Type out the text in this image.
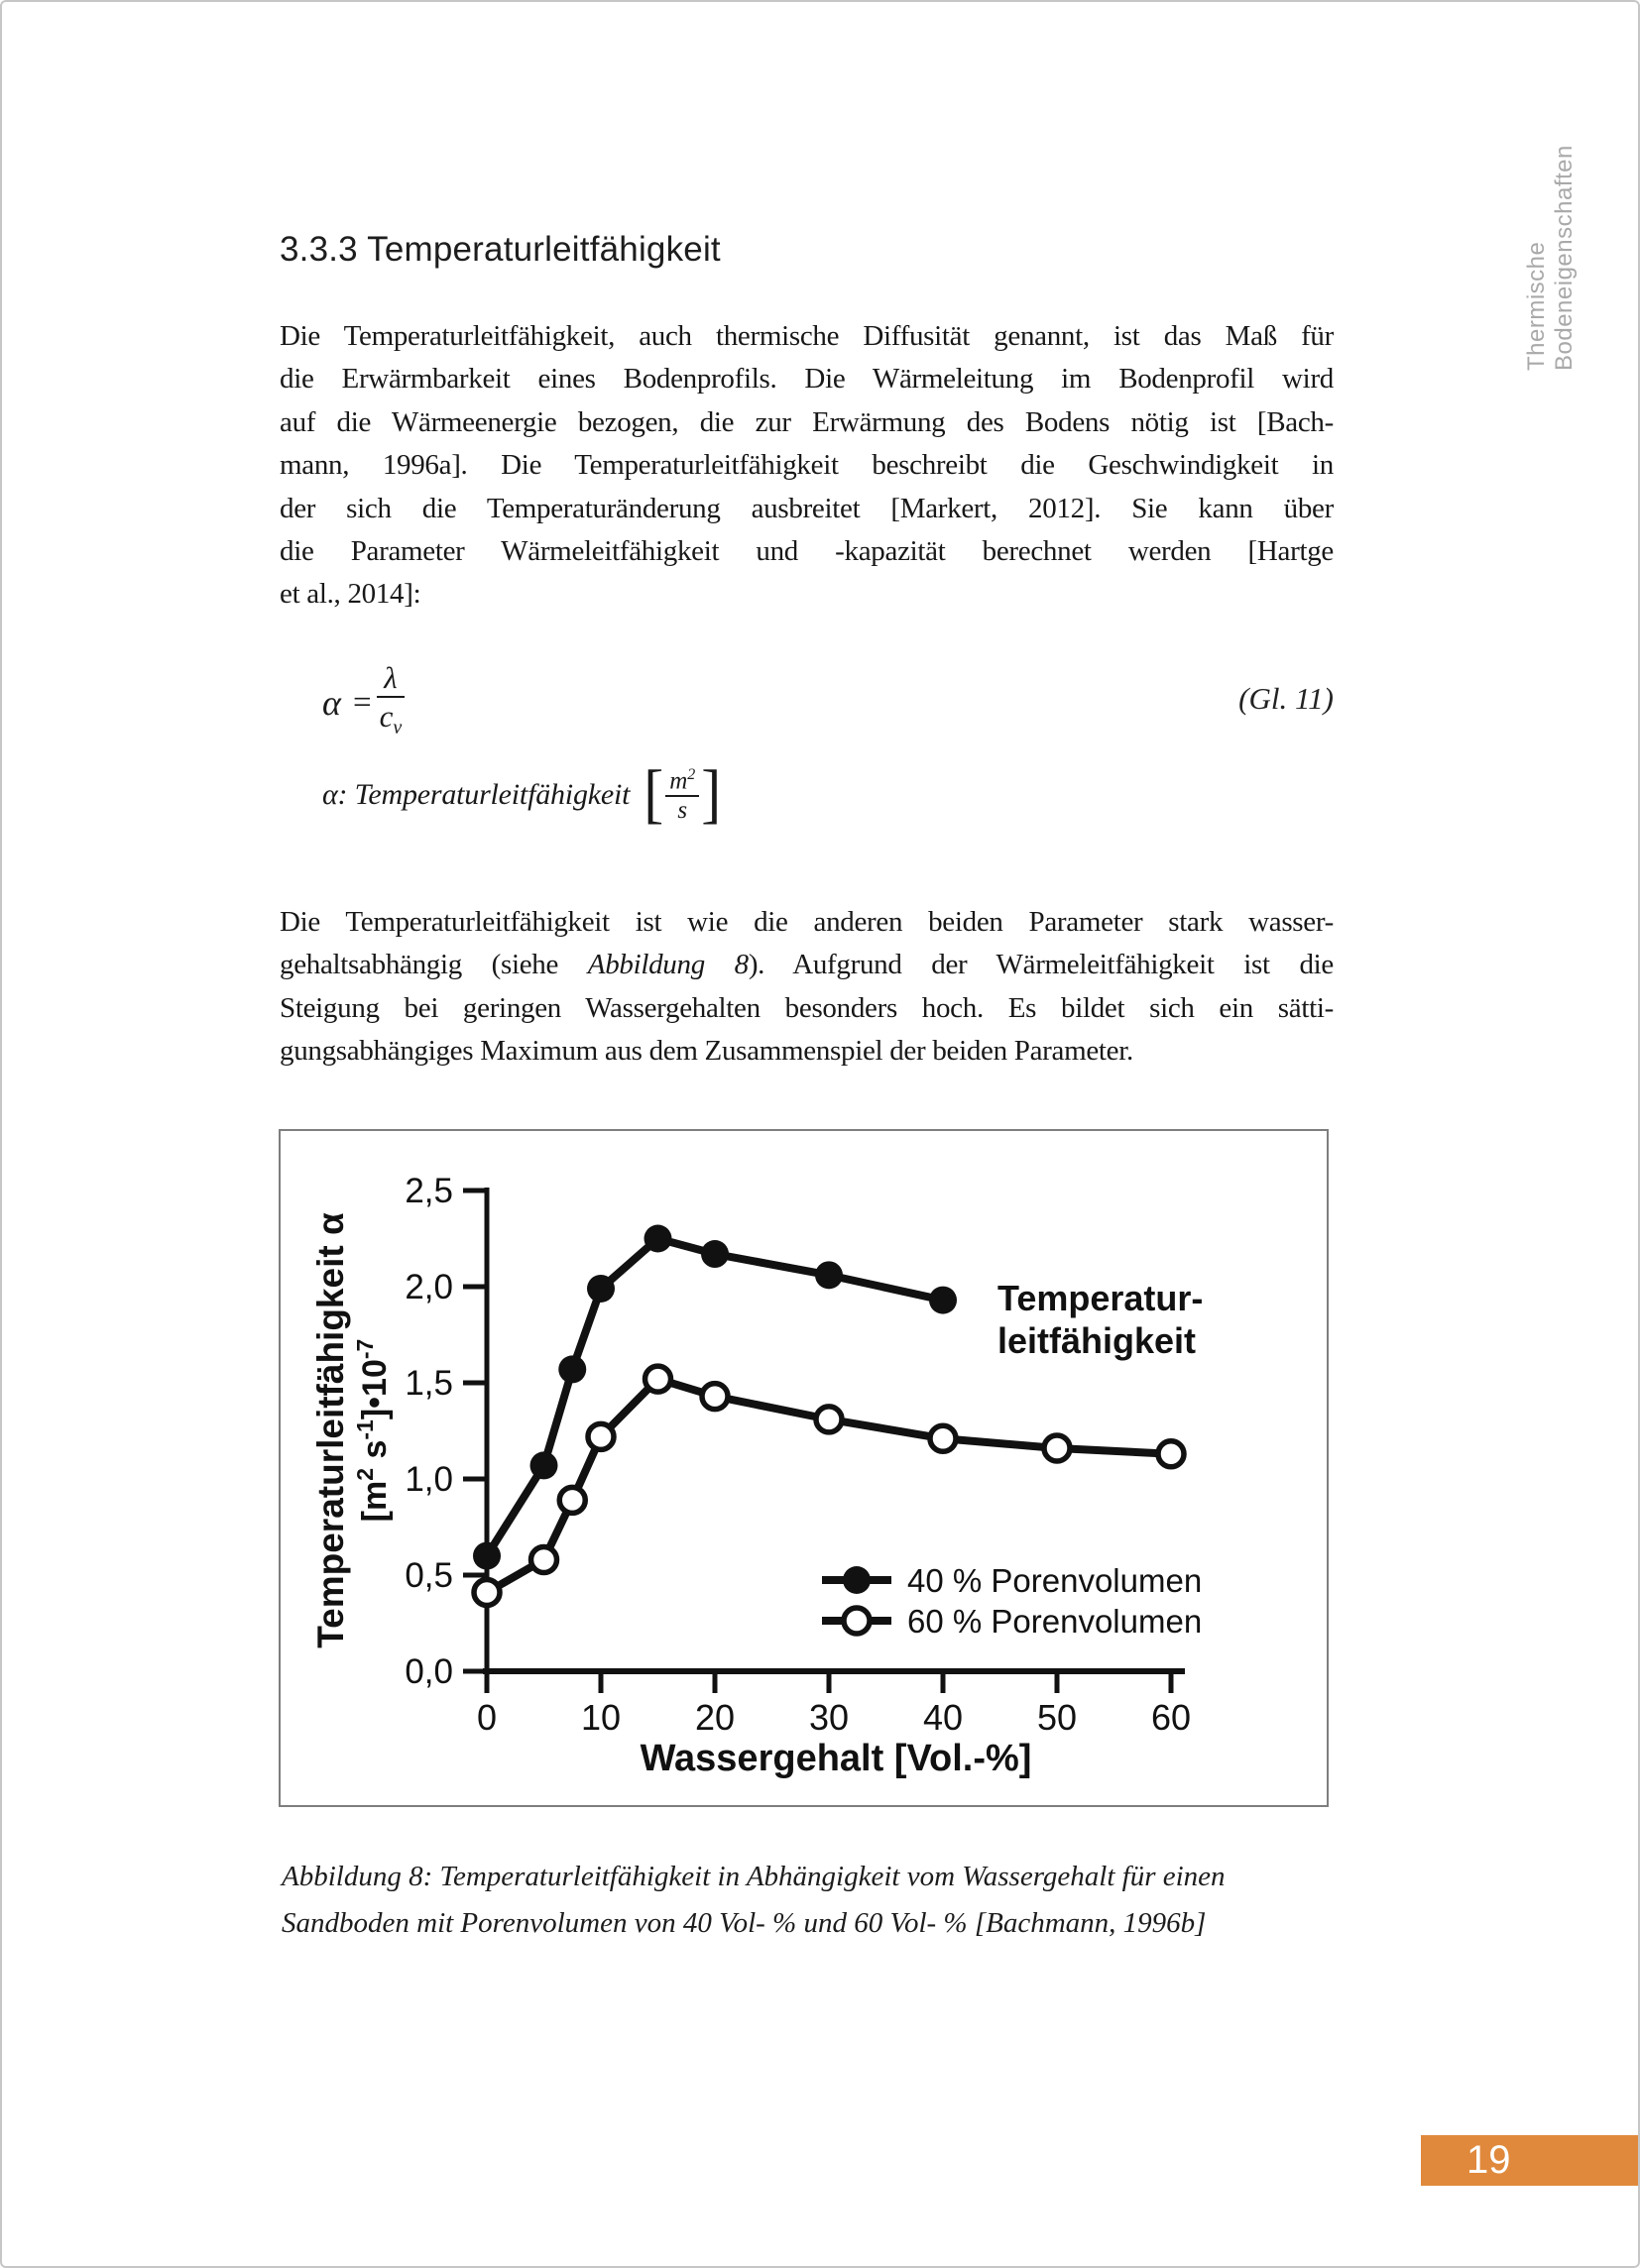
3.3.3 Temperaturleitfähigkeit
Die Temperaturleitfähigkeit, auch thermische Diffusität genannt, ist das Maß für
die Erwärmbarkeit eines Bodenprofils. Die Wärmeleitung im Bodenprofil wird
auf die Wärmeenergie bezogen, die zur Erwärmung des Bodens nötig ist [Bach-
mann, 1996a]. Die Temperaturleitfähigkeit beschreibt die Geschwindigkeit in
der sich die Temperaturänderung ausbreitet [Markert, 2012]. Sie kann über
die Parameter Wärmeleitfähigkeit und -kapazität berechnet werden [Hartge
et al., 2014]:
$\alpha = \frac{\lambda}{c_v}$	(Gl. 11)
α: Temperaturleitfähigkeit [ $\frac{m^2}{s}$ ]
Die Temperaturleitfähigkeit ist wie die anderen beiden Parameter stark wasser-
gehaltsabhängig (siehe Abbildung 8). Aufgrund der Wärmeleitfähigkeit ist die
Steigung bei geringen Wassergehalten besonders hoch. Es bildet sich ein sätti-
gungsabhängiges Maximum aus dem Zusammenspiel der beiden Parameter.
0,0
0,5
1,0
1,5
2,0
2,5
0 10 20 30 40 50 60
Temperatur-
leitfähigkeit
40 % Porenvolumen
60 % Porenvolumen
Wassergehalt [Vol.-%]
Temperaturleitfähigkeit α [$m^2$ $s^{-1}]•10^{-7}$
Abbildung 8: Temperaturleitfähigkeit in Abhängigkeit vom Wassergehalt für einen
Sandboden mit Porenvolumen von 40 Vol- % und 60 Vol- % [Bachmann, 1996b]
Thermische Bodeneigenschaften
19
